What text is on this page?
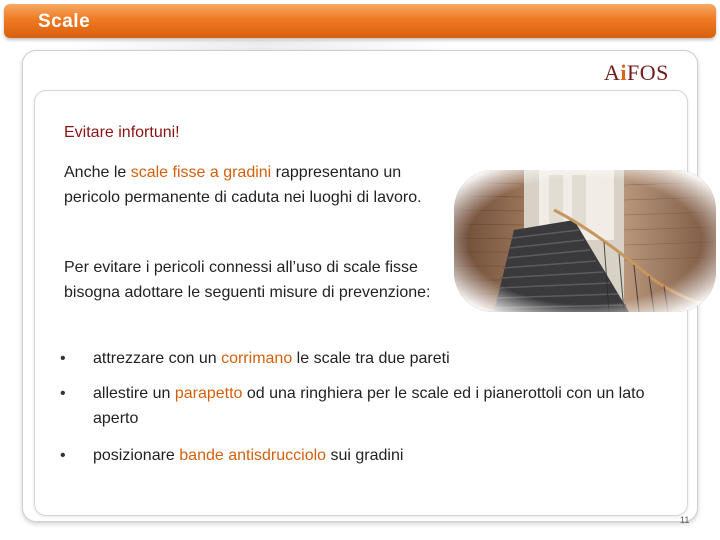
Scale
AiFOS
Evitare infortuni!
Anche le scale fisse a gradini rappresentano un pericolo permanente di caduta nei luoghi di lavoro.
Per evitare i pericoli connessi all’uso di scale fisse bisogna adottare le seguenti misure di prevenzione:
• attrezzare con un corrimano le scale tra due pareti
• allestire un parapetto od una ringhiera per le scale ed i pianerottoli con un lato aperto
• posizionare bande antisdrucciolo sui gradini
11
